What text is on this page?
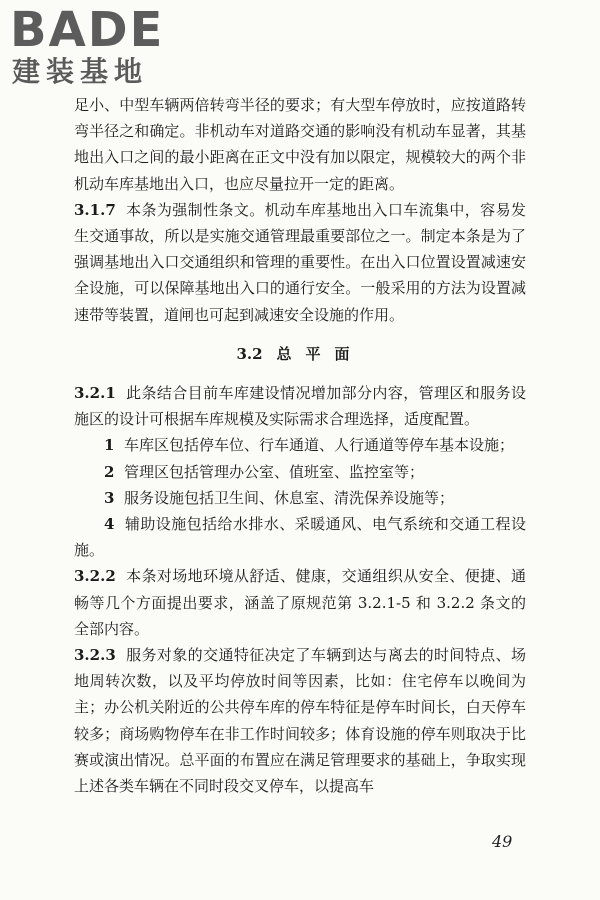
BADE
建装基地

足小、中型车辆两倍转弯半径的要求；有大型车停放时，应按道路转弯半径之和确定。非机动车对道路交通的影响没有机动车显著，其基地出入口之间的最小距离在正文中没有加以限定，规模较大的两个非机动车库基地出入口，也应尽量拉开一定的距离。

3.1.7 本条为强制性条文。机动车库基地出入口车流集中，容易发生交通事故，所以是实施交通管理最重要部位之一。制定本条是为了强调基地出入口交通组织和管理的重要性。在出入口位置设置减速安全设施，可以保障基地出入口的通行安全。一般采用的方法为设置减速带等装置，道闸也可起到减速安全设施的作用。

3.2 总平面

3.2.1 此条结合目前车库建设情况增加部分内容，管理区和服务设施区的设计可根据车库规模及实际需求合理选择，适度配置。

1 车库区包括停车位、行车通道、人行通道等停车基本设施；

2 管理区包括管理办公室、值班室、监控室等；

3 服务设施包括卫生间、休息室、清洗保养设施等；

4 辅助设施包括给水排水、采暖通风、电气系统和交通工程设施。

3.2.2 本条对场地环境从舒适、健康，交通组织从安全、便捷、通畅等几个方面提出要求，涵盖了原规范第 3.2.1-5 和 3.2.2 条文的全部内容。

3.2.3 服务对象的交通特征决定了车辆到达与离去的时间特点、场地周转次数，以及平均停放时间等因素，比如：住宅停车以晚间为主；办公机关附近的公共停车库的停车特征是停车时间长，白天停车较多；商场购物停车在非工作时间较多；体育设施的停车则取决于比赛或演出情况。总平面的布置应在满足管理要求的基础上，争取实现上述各类车辆在不同时段交叉停车，以提高车

49
